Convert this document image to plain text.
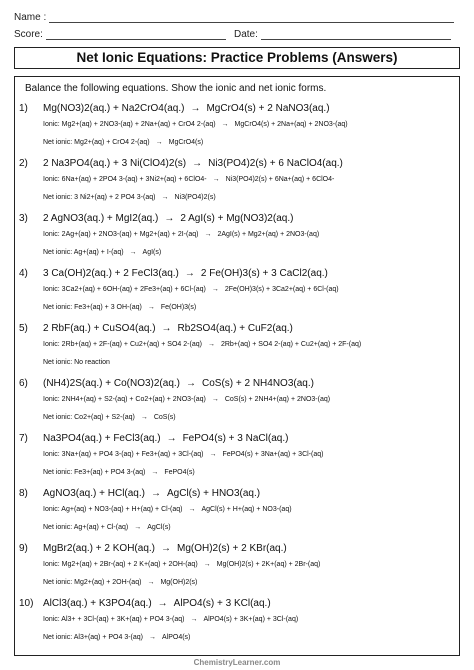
Name :
Score:	Date:
Net Ionic Equations: Practice Problems (Answers)
Balance the following equations. Show the ionic and net ionic forms.
1)	Mg(NO3)2(aq.) + Na2CrO4(aq.) → MgCrO4(s) + 2 NaNO3(aq.)
Ionic: Mg2+(aq) + 2NO3-(aq) + 2Na+(aq) + CrO4 2-(aq) → MgCrO4(s) + 2Na+(aq) + 2NO3-(aq)
Net ionic: Mg2+(aq) + CrO4 2-(aq) → MgCrO4(s)
2)	2 Na3PO4(aq.) + 3 Ni(ClO4)2(s) → Ni3(PO4)2(s) + 6 NaClO4(aq.)
Ionic: 6Na+(aq) + 2PO4 3-(aq) + 3Ni2+(aq) + 6ClO4- → Ni3(PO4)2(s) + 6Na+(aq) + 6ClO4-
Net ionic: 3 Ni2+(aq) + 2 PO4 3-(aq) → Ni3(PO4)2(s)
3)	2 AgNO3(aq.) + MgI2(aq.) → 2 AgI(s) + Mg(NO3)2(aq.)
Ionic: 2Ag+(aq) + 2NO3-(aq) + Mg2+(aq) + 2I-(aq) → 2AgI(s) + Mg2+(aq) + 2NO3-(aq)
Net ionic: Ag+(aq) + I-(aq) → AgI(s)
4)	3 Ca(OH)2(aq.) + 2 FeCl3(aq.) → 2 Fe(OH)3(s) + 3 CaCl2(aq.)
Ionic: 3Ca2+(aq) + 6OH-(aq) + 2Fe3+(aq) + 6Cl-(aq) → 2Fe(OH)3(s) + 3Ca2+(aq) + 6Cl-(aq)
Net ionic: Fe3+(aq) + 3 OH-(aq) → Fe(OH)3(s)
5)	2 RbF(aq.) + CuSO4(aq.) → Rb2SO4(aq.) + CuF2(aq.)
Ionic: 2Rb+(aq) + 2F-(aq) + Cu2+(aq) + SO4 2-(aq) → 2Rb+(aq) + SO4 2-(aq) + Cu2+(aq) + 2F-(aq)
Net ionic: No reaction
6)	(NH4)2S(aq.) + Co(NO3)2(aq.) → CoS(s) + 2 NH4NO3(aq.)
Ionic: 2NH4+(aq) + S2-(aq) + Co2+(aq) + 2NO3-(aq) → CoS(s) + 2NH4+(aq) + 2NO3-(aq)
Net ionic: Co2+(aq) + S2-(aq) → CoS(s)
7)	Na3PO4(aq.) + FeCl3(aq.) → FePO4(s) + 3 NaCl(aq.)
Ionic: 3Na+(aq) + PO4 3-(aq) + Fe3+(aq) + 3Cl-(aq) → FePO4(s) + 3Na+(aq) + 3Cl-(aq)
Net ionic: Fe3+(aq) + PO4 3-(aq) → FePO4(s)
8)	AgNO3(aq.) + HCl(aq.) → AgCl(s) + HNO3(aq.)
Ionic: Ag+(aq) + NO3-(aq) + H+(aq) + Cl-(aq) → AgCl(s) + H+(aq) + NO3-(aq)
Net ionic: Ag+(aq) + Cl-(aq) → AgCl(s)
9)	MgBr2(aq.) + 2 KOH(aq.) → Mg(OH)2(s) + 2 KBr(aq.)
Ionic: Mg2+(aq) + 2Br-(aq) + 2 K+(aq) + 2OH-(aq) → Mg(OH)2(s) + 2K+(aq) + 2Br-(aq)
Net ionic: Mg2+(aq) + 2OH-(aq) → Mg(OH)2(s)
10) AlCl3(aq.) + K3PO4(aq.) → AlPO4(s) + 3 KCl(aq.)
Ionic: Al3+ + 3Cl-(aq) + 3K+(aq) + PO4 3-(aq) → AlPO4(s) + 3K+(aq) + 3Cl-(aq)
Net ionic: Al3+(aq) + PO4 3-(aq) → AlPO4(s)
ChemistryLearner.com
